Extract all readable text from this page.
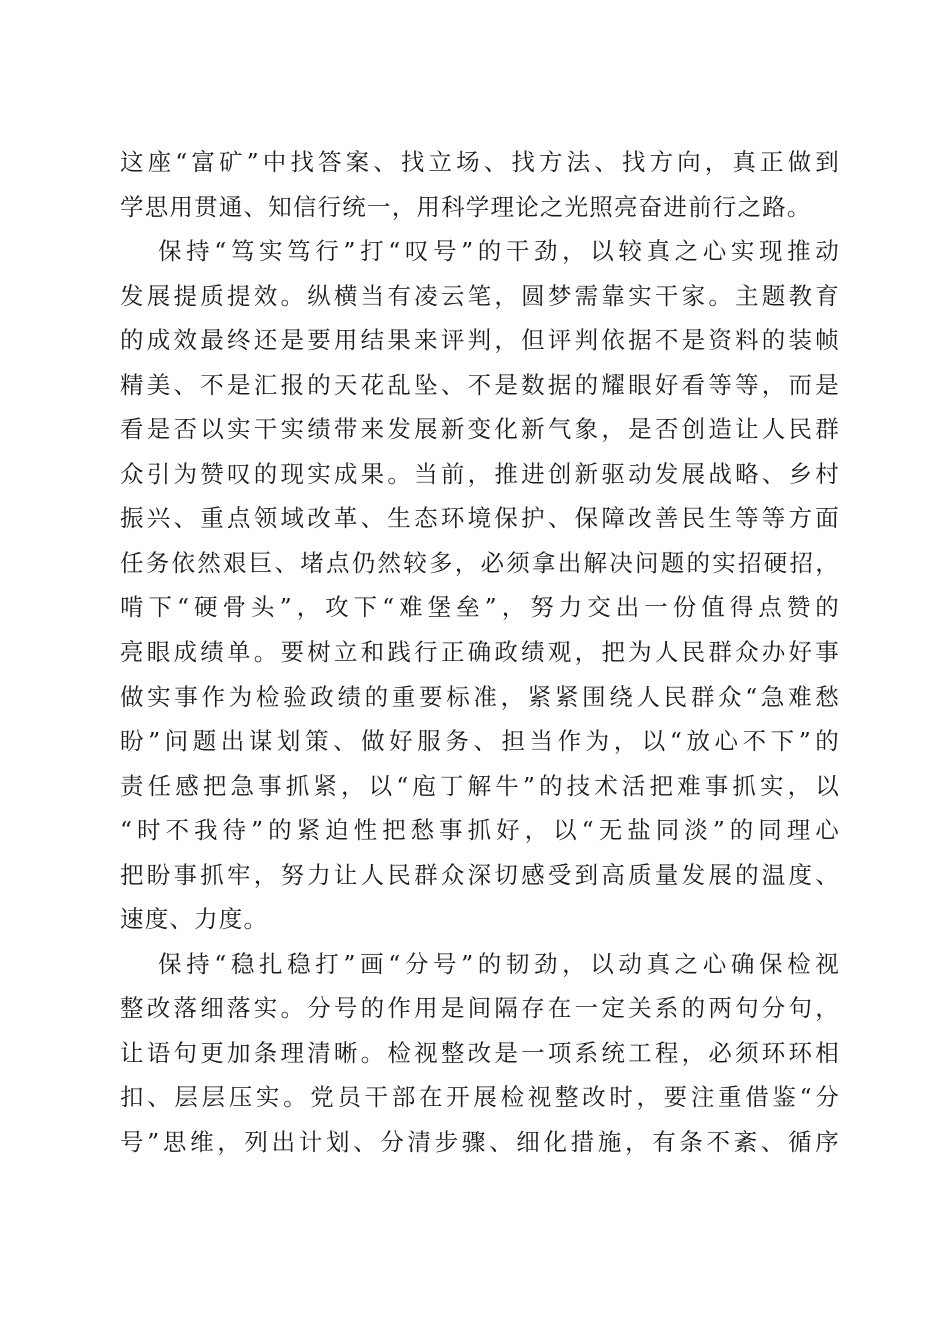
这座“富矿”中找答案、找立场、找方法、找方向，真正做到
学思用贯通、知信行统一，用科学理论之光照亮奋进前行之路。
保持“笃实笃行”打“叹号”的干劲，以较真之心实现推动
发展提质提效。纵横当有凌云笔，圆梦需靠实干家。主题教育
的成效最终还是要用结果来评判，但评判依据不是资料的装帧
精美、不是汇报的天花乱坠、不是数据的耀眼好看等等，而是
看是否以实干实绩带来发展新变化新气象，是否创造让人民群
众引为赞叹的现实成果。当前，推进创新驱动发展战略、乡村
振兴、重点领域改革、生态环境保护、保障改善民生等等方面
任务依然艰巨、堵点仍然较多，必须拿出解决问题的实招硬招，
啃下“硬骨头”，攻下“难堡垒”，努力交出一份值得点赞的
亮眼成绩单。要树立和践行正确政绩观，把为人民群众办好事
做实事作为检验政绩的重要标准，紧紧围绕人民群众“急难愁
盼”问题出谋划策、做好服务、担当作为，以“放心不下”的
责任感把急事抓紧，以“庖丁解牛”的技术活把难事抓实，以
“时不我待”的紧迫性把愁事抓好，以“无盐同淡”的同理心
把盼事抓牢，努力让人民群众深切感受到高质量发展的温度、
速度、力度。
保持“稳扎稳打”画“分号”的韧劲，以动真之心确保检视
整改落细落实。分号的作用是间隔存在一定关系的两句分句，
让语句更加条理清晰。检视整改是一项系统工程，必须环环相
扣、层层压实。党员干部在开展检视整改时，要注重借鉴“分
号”思维，列出计划、分清步骤、细化措施，有条不紊、循序
